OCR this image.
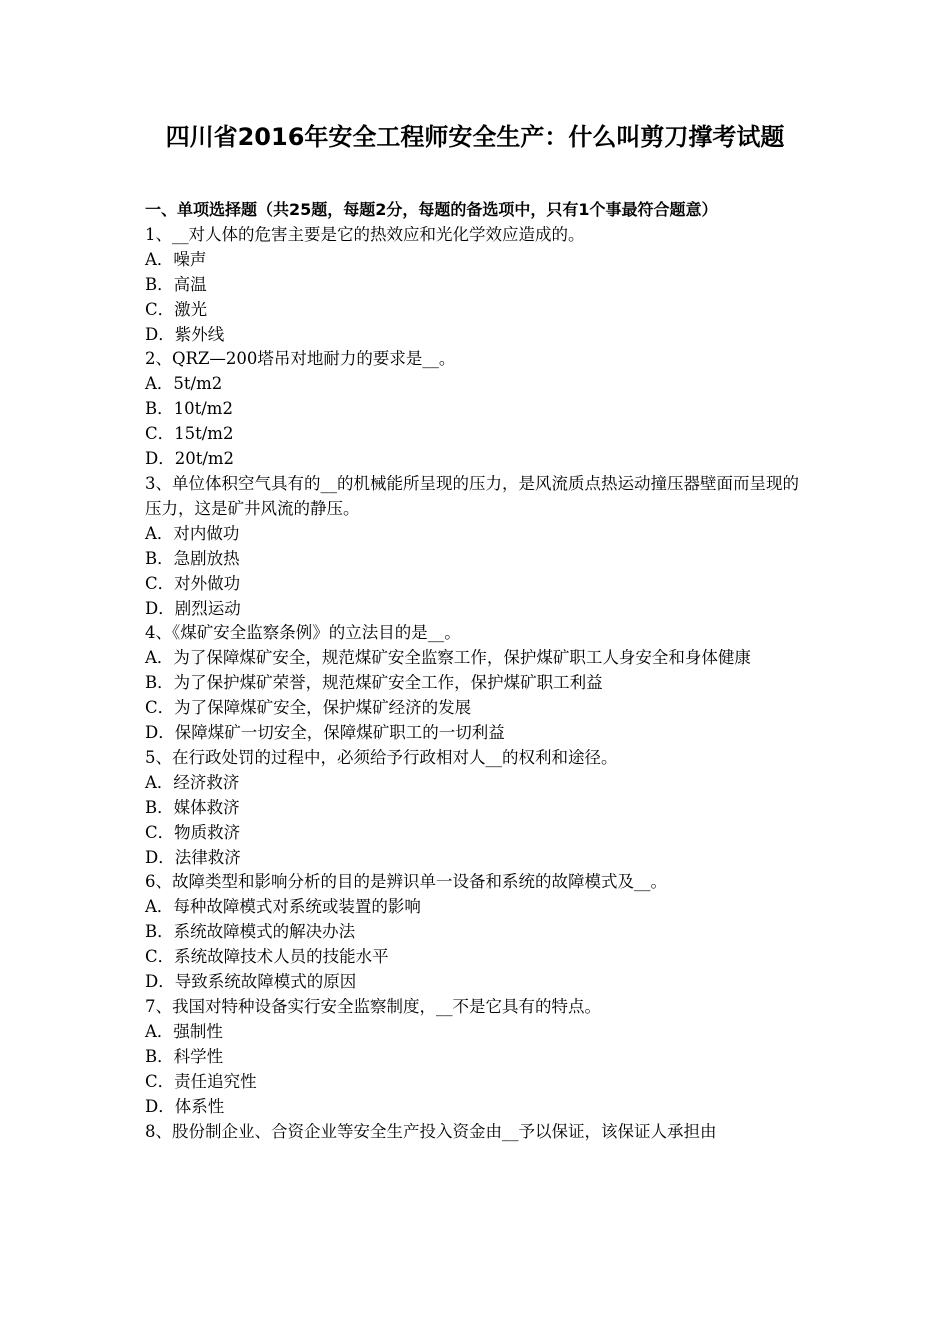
四川省2016年安全工程师安全生产：什么叫剪刀撑考试题

一、单项选择题（共25题，每题2分，每题的备选项中，只有1个事最符合题意）

1、__对人体的危害主要是它的热效应和光化学效应造成的。

A．噪声

B．高温

C．激光

D．紫外线

2、QRZ—200塔吊对地耐力的要求是__。

A．5t/m2

B．10t/m2

C．15t/m2

D．20t/m2

3、单位体积空气具有的__的机械能所呈现的压力，是风流质点热运动撞压器壁面而呈现的压力，这是矿井风流的静压。

A．对内做功

B．急剧放热

C．对外做功

D．剧烈运动

4、《煤矿安全监察条例》的立法目的是__。

A．为了保障煤矿安全，规范煤矿安全监察工作，保护煤矿职工人身安全和身体健康

B．为了保护煤矿荣誉，规范煤矿安全工作，保护煤矿职工利益

C．为了保障煤矿安全，保护煤矿经济的发展

D．保障煤矿一切安全，保障煤矿职工的一切利益

5、在行政处罚的过程中，必须给予行政相对人__的权利和途径。

A．经济救济

B．媒体救济

C．物质救济

D．法律救济

6、故障类型和影响分析的目的是辨识单一设备和系统的故障模式及__。

A．每种故障模式对系统或装置的影响

B．系统故障模式的解决办法

C．系统故障技术人员的技能水平

D．导致系统故障模式的原因

7、我国对特种设备实行安全监察制度，__不是它具有的特点。

A．强制性

B．科学性

C．责任追究性

D．体系性

8、股份制企业、合资企业等安全生产投入资金由__予以保证，该保证人承担由
